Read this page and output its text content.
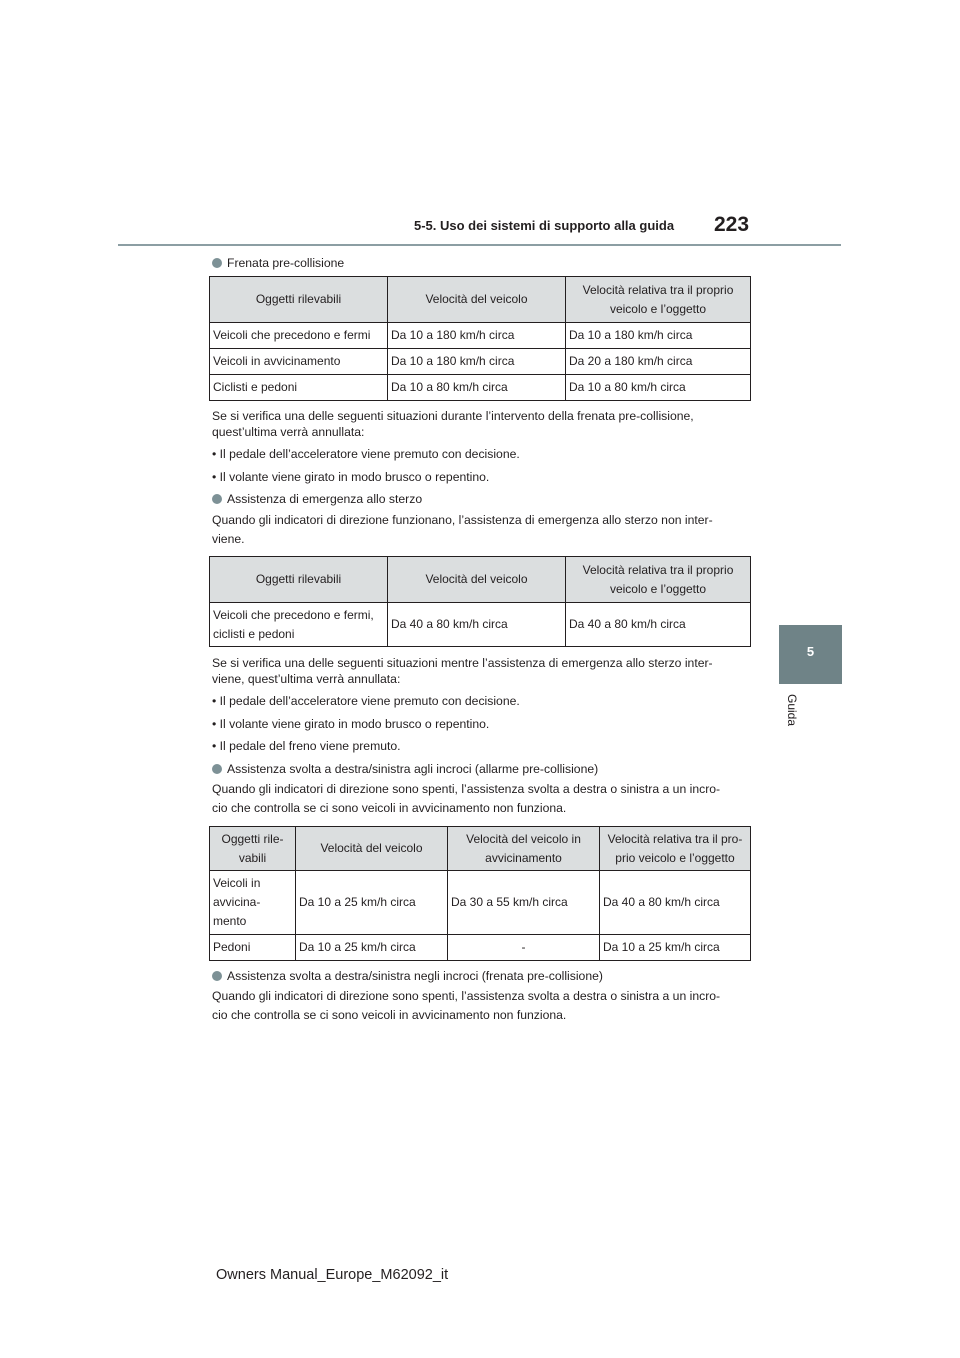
5-5. Uso dei sistemi di supporto alla guida 223
5
Guida
Frenata pre-collisione
Oggetti rilevabili	Velocità del veicolo	Velocità relativa tra il proprio veicolo e l’oggetto
Veicoli che precedono e fermi	Da 10 a 180 km/h circa	Da 10 a 180 km/h circa
Veicoli in avvicinamento	Da 10 a 180 km/h circa	Da 20 a 180 km/h circa
Ciclisti e pedoni	Da 10 a 80 km/h circa	Da 10 a 80 km/h circa
Se si verifica una delle seguenti situazioni durante l’intervento della frenata pre-collisione,
quest’ultima verrà annullata:
• Il pedale dell’acceleratore viene premuto con decisione.
• Il volante viene girato in modo brusco o repentino.
Assistenza di emergenza allo sterzo
Quando gli indicatori di direzione funzionano, l’assistenza di emergenza allo sterzo non inter-
viene.
Oggetti rilevabili	Velocità del veicolo	Velocità relativa tra il proprio veicolo e l’oggetto
Veicoli che precedono e fermi, ciclisti e pedoni	Da 40 a 80 km/h circa	Da 40 a 80 km/h circa
Se si verifica una delle seguenti situazioni mentre l’assistenza di emergenza allo sterzo inter-
viene, quest’ultima verrà annullata:
• Il pedale dell’acceleratore viene premuto con decisione.
• Il volante viene girato in modo brusco o repentino.
• Il pedale del freno viene premuto.
Assistenza svolta a destra/sinistra agli incroci (allarme pre-collisione)
Quando gli indicatori di direzione sono spenti, l’assistenza svolta a destra o sinistra a un incro-
cio che controlla se ci sono veicoli in avvicinamento non funziona.
Oggetti rile-vabili	Velocità del veicolo	Velocità del veicolo in avvicinamento	Velocità relativa tra il pro-prio veicolo e l’oggetto
Veicoli in avvicina-mento	Da 10 a 25 km/h circa	Da 30 a 55 km/h circa	Da 40 a 80 km/h circa
Pedoni	Da 10 a 25 km/h circa	-	Da 10 a 25 km/h circa
Assistenza svolta a destra/sinistra negli incroci (frenata pre-collisione)
Quando gli indicatori di direzione sono spenti, l’assistenza svolta a destra o sinistra a un incro-
cio che controlla se ci sono veicoli in avvicinamento non funziona.
Owners Manual_Europe_M62092_it
